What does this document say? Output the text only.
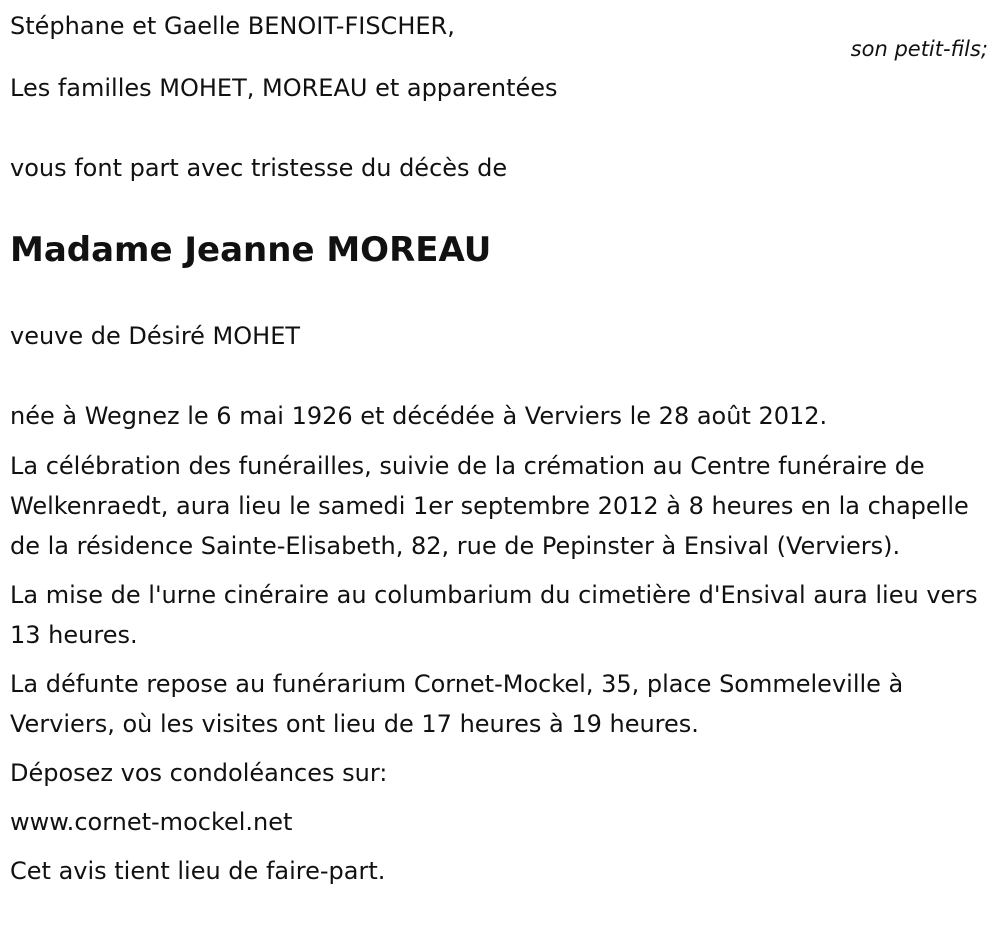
Stéphane et Gaelle BENOIT-FISCHER,
son petit-fils;
Les familles MOHET, MOREAU et apparentées
vous font part avec tristesse du décès de
Madame Jeanne MOREAU
veuve de Désiré MOHET
née à Wegnez le 6 mai 1926 et décédée à Verviers le 28 août 2012.
La célébration des funérailles, suivie de la crémation au Centre funéraire de Welkenraedt, aura lieu le samedi 1er septembre 2012 à 8 heures en la chapelle de la résidence Sainte-Elisabeth, 82, rue de Pepinster à Ensival (Verviers).
La mise de l'urne cinéraire au columbarium du cimetière d'Ensival aura lieu vers 13 heures.
La défunte repose au funérarium Cornet-Mockel, 35, place Sommeleville à Verviers, où les visites ont lieu de 17 heures à 19 heures.
Déposez vos condoléances sur:
www.cornet-mockel.net
Cet avis tient lieu de faire-part.
